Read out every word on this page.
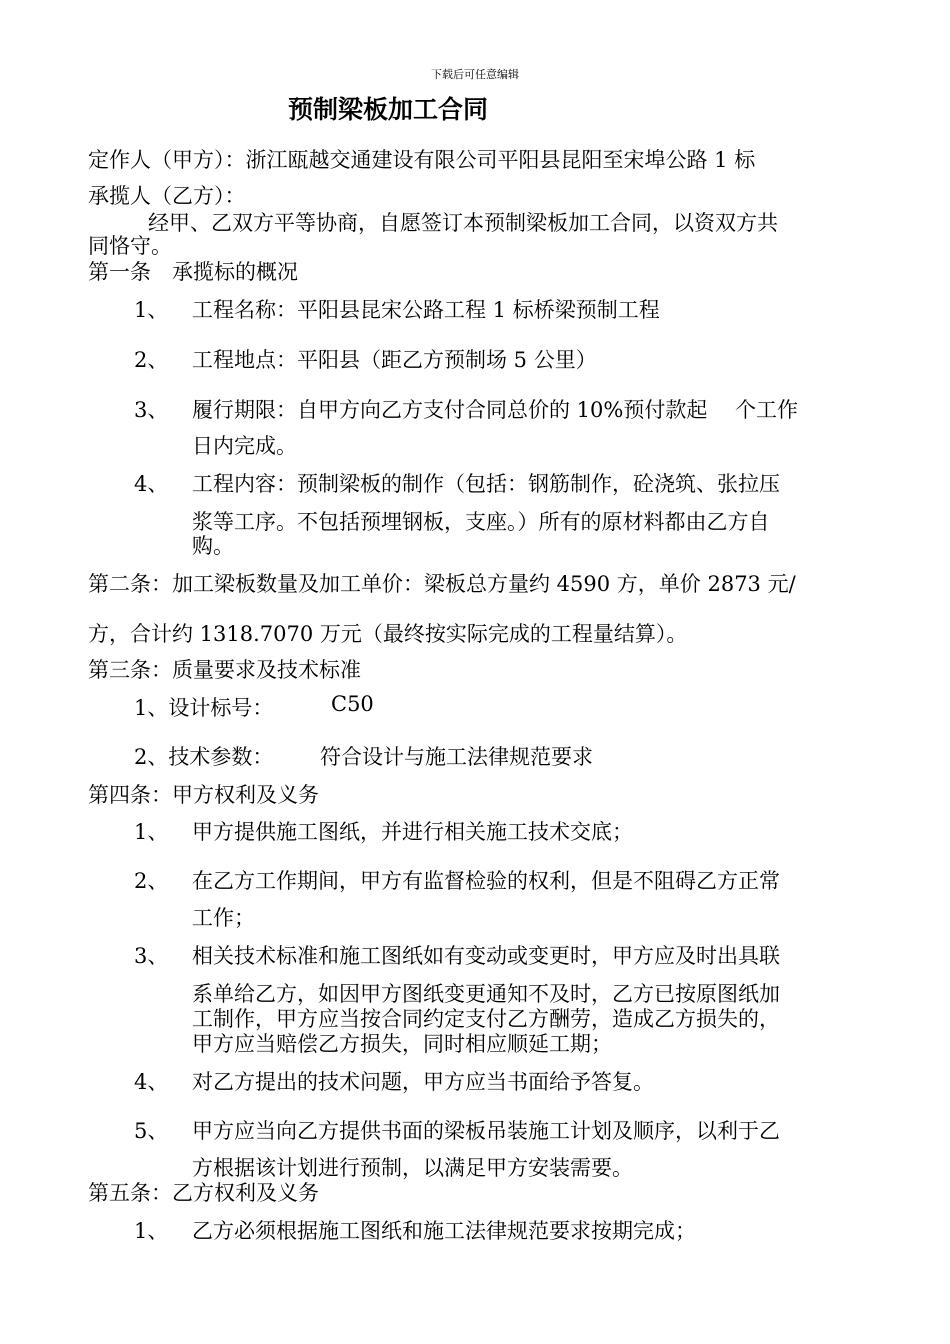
下载后可任意编辑
预制梁板加工合同
定作人（甲方）：浙江瓯越交通建设有限公司平阳县昆阳至宋埠公路 1 标
承揽人（乙方）：
经甲、乙双方平等协商，自愿签订本预制梁板加工合同，以资双方共
同恪守。
第一条　承揽标的概况
1、 工程名称：平阳县昆宋公路工程 1 标桥梁预制工程
2、 工程地点：平阳县（距乙方预制场 5 公里）
3、 履行期限：自甲方向乙方支付合同总价的 10%预付款起　 个工作
日内完成。
4、 工程内容：预制梁板的制作（包括：钢筋制作，砼浇筑、张拉压
浆等工序。不包括预埋钢板，支座。）所有的原材料都由乙方自
购。
第二条：加工梁板数量及加工单价：梁板总方量约 4590 方，单价 2873 元/
方，合计约 1318.7070 万元（最终按实际完成的工程量结算）。
第三条：质量要求及技术标准
1、设计标号：	C50
2、技术参数： 符合设计与施工法律规范要求
第四条：甲方权利及义务
1、 甲方提供施工图纸，并进行相关施工技术交底；
2、 在乙方工作期间，甲方有监督检验的权利，但是不阻碍乙方正常
工作；
3、 相关技术标准和施工图纸如有变动或变更时，甲方应及时出具联
系单给乙方，如因甲方图纸变更通知不及时，乙方已按原图纸加
工制作，甲方应当按合同约定支付乙方酬劳，造成乙方损失的，
甲方应当赔偿乙方损失，同时相应顺延工期；
4、 对乙方提出的技术问题，甲方应当书面给予答复。
5、 甲方应当向乙方提供书面的梁板吊装施工计划及顺序，以利于乙
方根据该计划进行预制，以满足甲方安装需要。
第五条：乙方权利及义务
1、 乙方必须根据施工图纸和施工法律规范要求按期完成；
